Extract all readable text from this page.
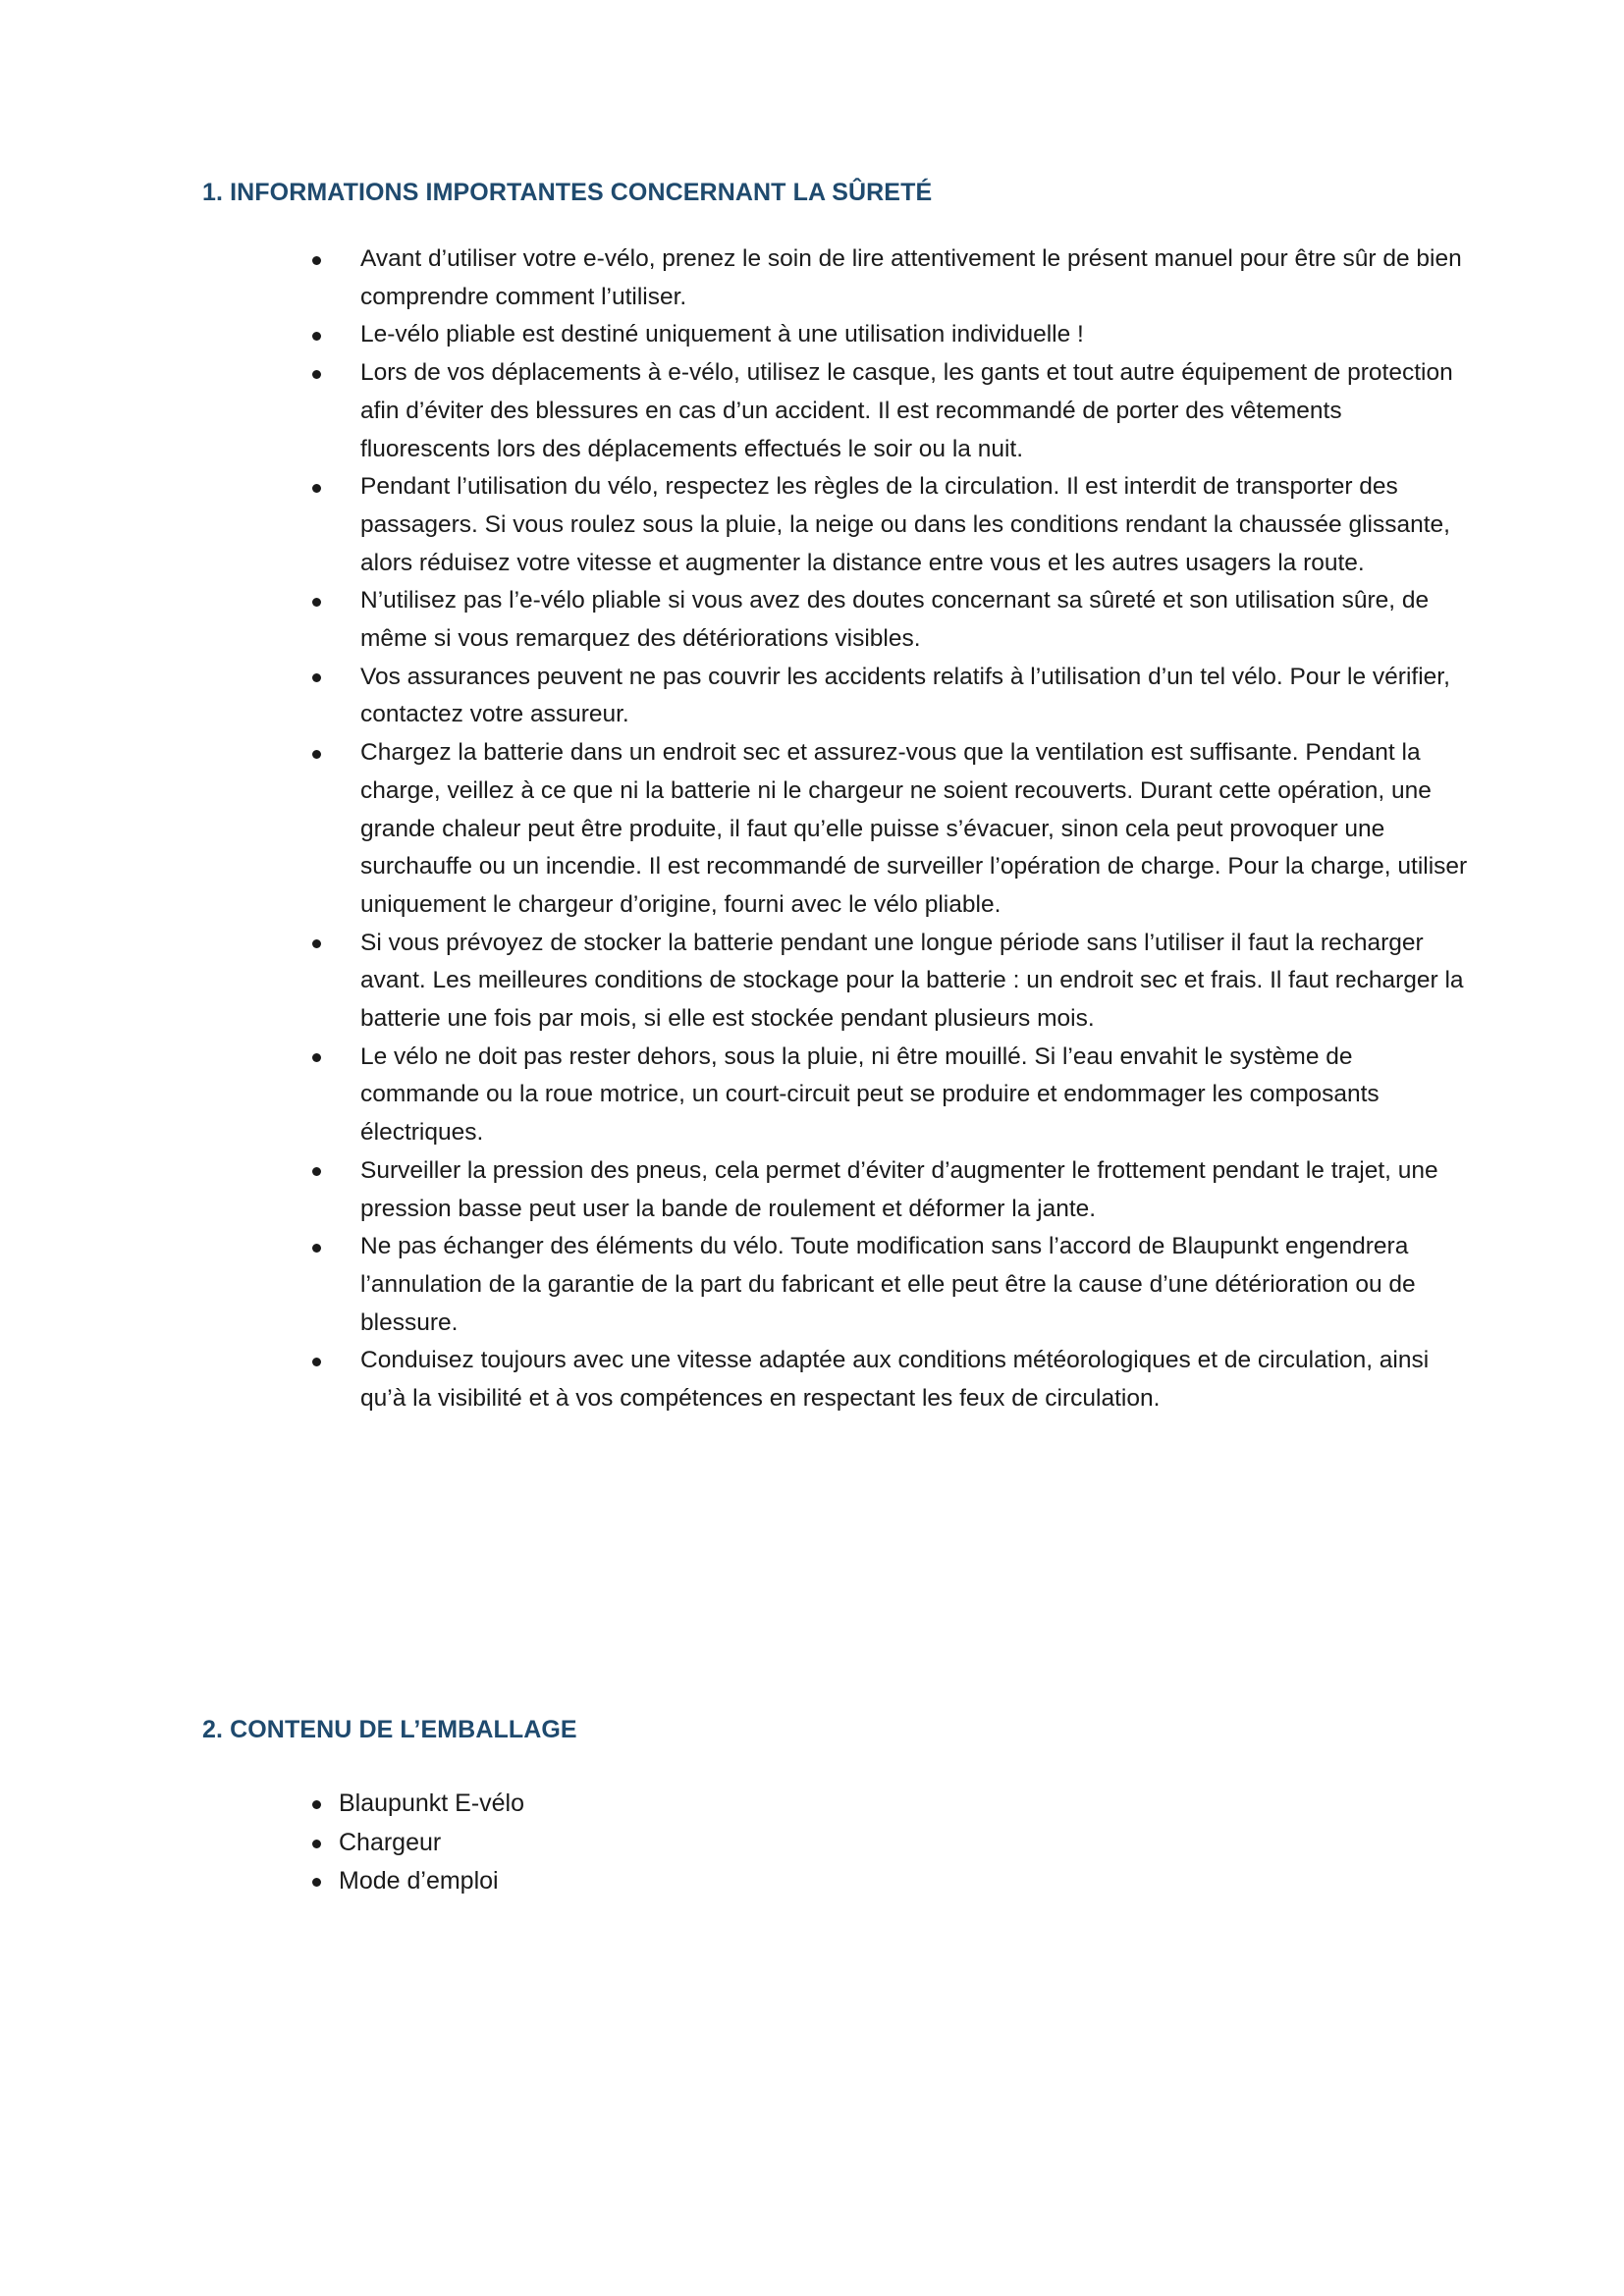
1. INFORMATIONS IMPORTANTES CONCERNANT LA SÛRETÉ
Avant d’utiliser votre e-vélo, prenez le soin de lire attentivement le présent manuel pour être sûr de bien comprendre comment l’utiliser.
Le-vélo pliable est destiné uniquement à une utilisation individuelle !
Lors de vos déplacements à e-vélo, utilisez le casque, les gants et tout autre équipement de protection afin d’éviter des blessures en cas d’un accident. Il est recommandé de porter des vêtements fluorescents lors des déplacements effectués le soir ou la nuit.
Pendant l’utilisation du vélo, respectez les règles de la circulation. Il est interdit de transporter des passagers. Si vous roulez sous la pluie, la neige ou dans les conditions rendant la chaussée glissante, alors réduisez votre vitesse et augmenter la distance entre vous et les autres usagers la route.
N’utilisez pas l’e-vélo pliable si vous avez des doutes concernant sa sûreté et son utilisation sûre, de même si vous remarquez des détériorations visibles.
Vos assurances peuvent ne pas couvrir les accidents relatifs à l’utilisation d’un tel vélo. Pour le vérifier, contactez votre assureur.
Chargez la batterie dans un endroit sec et assurez-vous que la ventilation est suffisante. Pendant la charge, veillez à ce que ni la batterie ni le chargeur ne soient recouverts. Durant cette opération, une grande chaleur peut être produite, il faut qu’elle puisse s’évacuer, sinon cela peut provoquer une surchauffe ou un incendie. Il est recommandé de surveiller l’opération de charge. Pour la charge, utiliser uniquement le chargeur d’origine, fourni avec le vélo pliable.
Si vous prévoyez de stocker la batterie pendant une longue période sans l’utiliser il faut la recharger avant. Les meilleures conditions de stockage pour la batterie : un endroit sec et frais. Il faut recharger la batterie une fois par mois, si elle est stockée pendant plusieurs mois.
Le vélo ne doit pas rester dehors, sous la pluie, ni être mouillé. Si l’eau envahit le système de commande ou la roue motrice, un court-circuit peut se produire et endommager les composants électriques.
Surveiller la pression des pneus, cela permet d’éviter d’augmenter le frottement pendant le trajet, une pression basse peut user la bande de roulement et déformer la jante.
Ne pas échanger des éléments du vélo. Toute modification sans l’accord de Blaupunkt engendrera l’annulation de la garantie de la part du fabricant et elle peut être la cause d’une détérioration ou de blessure.
Conduisez toujours avec une vitesse adaptée aux conditions météorologiques et de circulation, ainsi qu’à la visibilité et à vos compétences en respectant les feux de circulation.
2. CONTENU DE L’EMBALLAGE
Blaupunkt E-vélo
Chargeur
Mode d’emploi
